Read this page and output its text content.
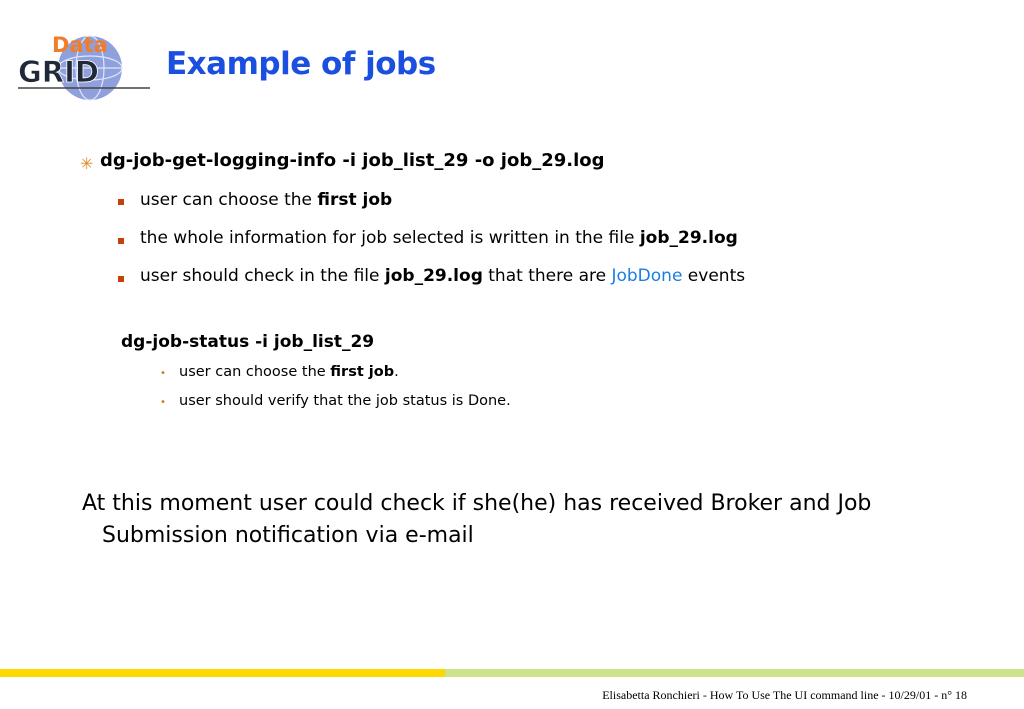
Data
GRID Example of jobs
✳ dg-job-get-logging-info -i job_list_29 -o job_29.log
user can choose the first job
the whole information for job selected is written in the file job_29.log
user should check in the file job_29.log that there are JobDone events
dg-job-status -i job_list_29
• user can choose the first job.
• user should verify that the job status is Done.
At this moment user could check if she(he) has received Broker and Job Submission notification via e-mail
Elisabetta Ronchieri - How To Use The UI command line - 10/29/01 - n° 18
